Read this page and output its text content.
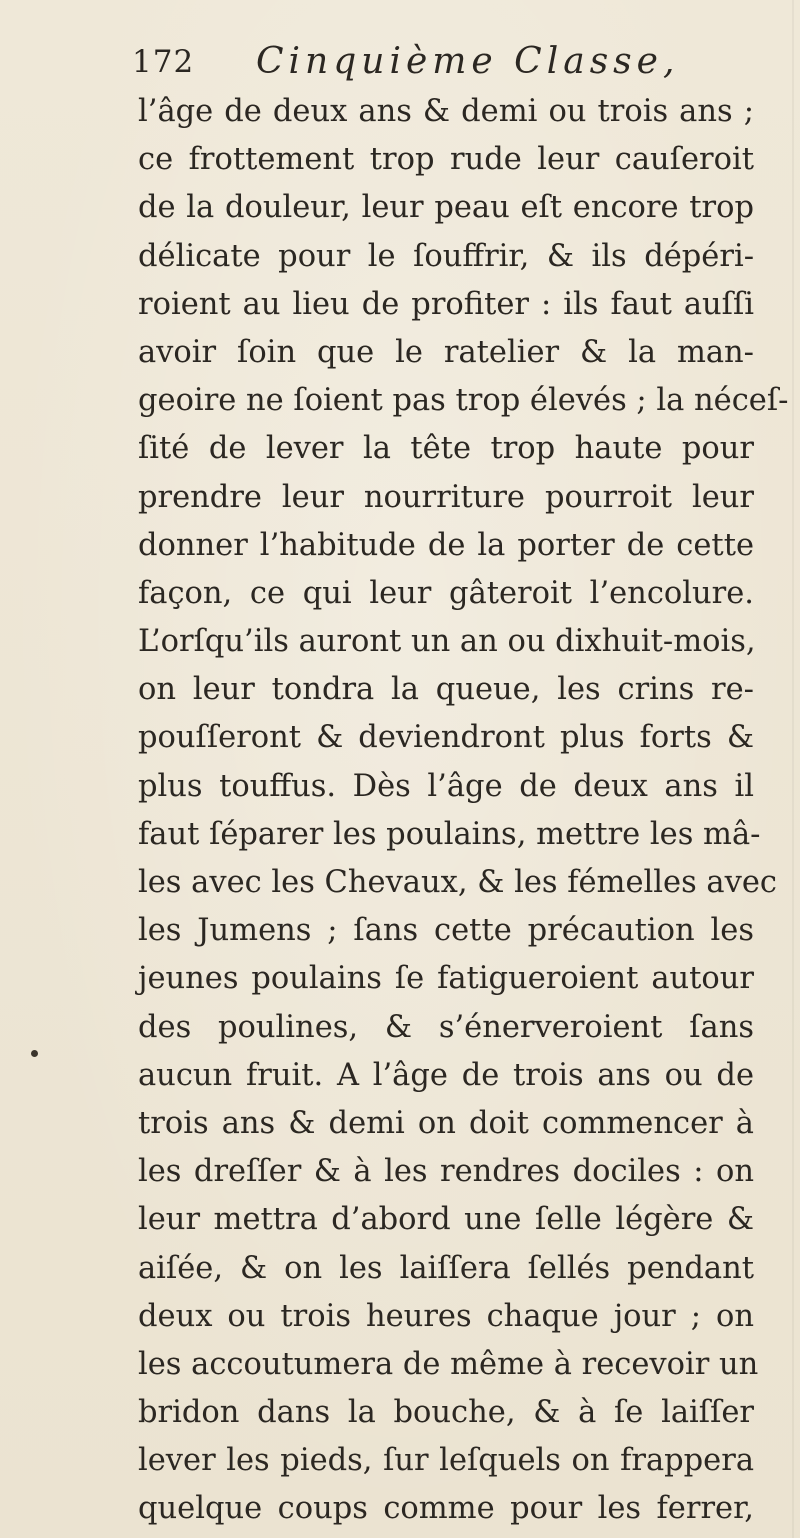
172 Cinquième Classe,
l’âge de deux ans & demi ou trois ans ;
ce frottement trop rude leur cauſeroit
de la douleur, leur peau eſt encore trop
délicate pour le ſouffrir, & ils dépéri-
roient au lieu de profiter : ils faut auſſi
avoir ſoin que le ratelier & la man-
geoire ne ſoient pas trop élevés ; la néceſ-
ſité de lever la tête trop haute pour
prendre leur nourriture pourroit leur
donner l’habitude de la porter de cette
façon, ce qui leur gâteroit l’encolure.
L’orſqu’ils auront un an ou dixhuit-mois,
on leur tondra la queue, les crins re-
pouſſeront & deviendront plus forts &
plus touffus. Dès l’âge de deux ans il
faut ſéparer les poulains, mettre les mâ-
les avec les Chevaux, & les fémelles avec
les Jumens ; ſans cette précaution les
jeunes poulains ſe fatigueroient autour
des poulines, & s’énerveroient ſans
aucun fruit. A l’âge de trois ans ou de
trois ans & demi on doit commencer à
les dreſſer & à les rendres dociles : on
leur mettra d’abord une ſelle légère &
aiſée, & on les laiſſera ſellés pendant
deux ou trois heures chaque jour ; on
les accoutumera de même à recevoir un
bridon dans la bouche, & à ſe laiſſer
lever les pieds, ſur leſquels on frappera
quelque coups comme pour les ferrer,
